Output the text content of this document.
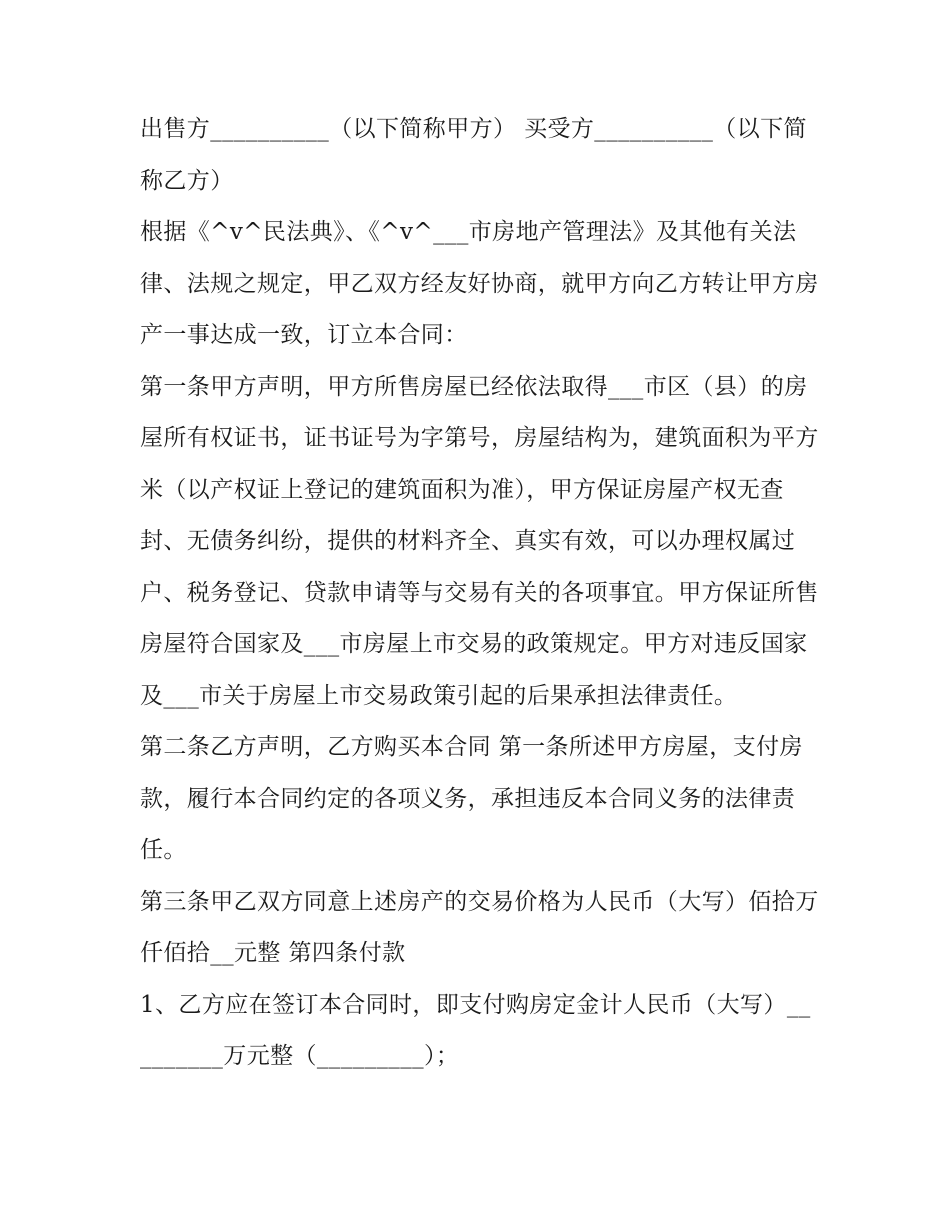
出售方__________（以下简称甲方） 买受方__________（以下简称乙方）

根据《^v^民法典》、《^v^___市房地产管理法》及其他有关法律、法规之规定，甲乙双方经友好协商，就甲方向乙方转让甲方房产一事达成一致，订立本合同：

第一条甲方声明，甲方所售房屋已经依法取得___市区（县）的房屋所有权证书，证书证号为字第号，房屋结构为，建筑面积为平方米（以产权证上登记的建筑面积为准），甲方保证房屋产权无查封、无债务纠纷，提供的材料齐全、真实有效，可以办理权属过户、税务登记、贷款申请等与交易有关的各项事宜。甲方保证所售房屋符合国家及___市房屋上市交易的政策规定。甲方对违反国家及___市关于房屋上市交易政策引起的后果承担法律责任。

第二条乙方声明，乙方购买本合同 第一条所述甲方房屋，支付房款，履行本合同约定的各项义务，承担违反本合同义务的法律责任。

第三条甲乙双方同意上述房产的交易价格为人民币（大写）佰拾万仟佰拾__元整 第四条付款

1、乙方应在签订本合同时，即支付购房定金计人民币（大写）_________万元整（_________）；
